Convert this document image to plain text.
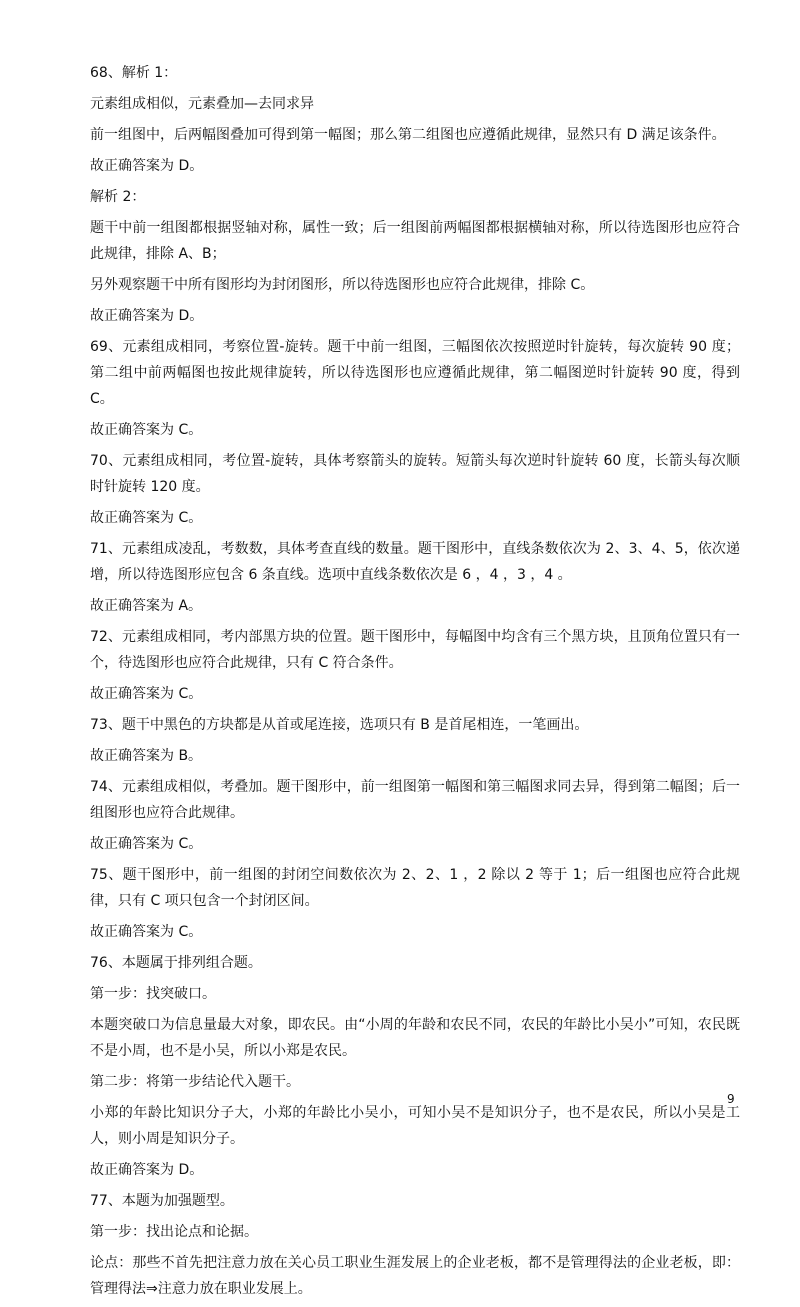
68、解析 1：

元素组成相似，元素叠加—去同求异

前一组图中，后两幅图叠加可得到第一幅图；那么第二组图也应遵循此规律，显然只有 D 满足该条件。

故正确答案为 D。

解析 2：

题干中前一组图都根据竖轴对称，属性一致；后一组图前两幅图都根据横轴对称，所以待选图形也应符合此规律，排除 A、B；

另外观察题干中所有图形均为封闭图形，所以待选图形也应符合此规律，排除 C。

故正确答案为 D。

69、元素组成相同，考察位置-旋转。题干中前一组图，三幅图依次按照逆时针旋转，每次旋转 90 度；第二组中前两幅图也按此规律旋转，所以待选图形也应遵循此规律，第二幅图逆时针旋转 90 度，得到 C。

故正确答案为 C。

70、元素组成相同，考位置-旋转，具体考察箭头的旋转。短箭头每次逆时针旋转 60 度，长箭头每次顺时针旋转 120 度。

故正确答案为 C。

71、元素组成凌乱，考数数，具体考查直线的数量。题干图形中，直线条数依次为 2、3、4、5，依次递增，所以待选图形应包含 6 条直线。选项中直线条数依次是 6 ，4 ，3 ，4 。

故正确答案为 A。

72、元素组成相同，考内部黑方块的位置。题干图形中，每幅图中均含有三个黑方块，且顶角位置只有一个，待选图形也应符合此规律，只有 C 符合条件。

故正确答案为 C。

73、题干中黑色的方块都是从首或尾连接，选项只有 B 是首尾相连，一笔画出。

故正确答案为 B。

74、元素组成相似，考叠加。题干图形中，前一组图第一幅图和第三幅图求同去异，得到第二幅图；后一组图形也应符合此规律。

故正确答案为 C。

75、题干图形中，前一组图的封闭空间数依次为 2、2、1 ，2 除以 2 等于 1；后一组图也应符合此规律，只有 C 项只包含一个封闭区间。

故正确答案为 C。

76、本题属于排列组合题。

第一步：找突破口。

本题突破口为信息量最大对象，即农民。由“小周的年龄和农民不同，农民的年龄比小吴小”可知，农民既不是小周，也不是小吴，所以小郑是农民。

第二步：将第一步结论代入题干。

小郑的年龄比知识分子大，小郑的年龄比小吴小，可知小吴不是知识分子，也不是农民，所以小吴是工人，则小周是知识分子。

故正确答案为 D。

77、本题为加强题型。

第一步：找出论点和论据。

论点：那些不首先把注意力放在关心员工职业生涯发展上的企业老板，都不是管理得法的企业老板，即：管理得法⇒注意力放在职业发展上。

9
